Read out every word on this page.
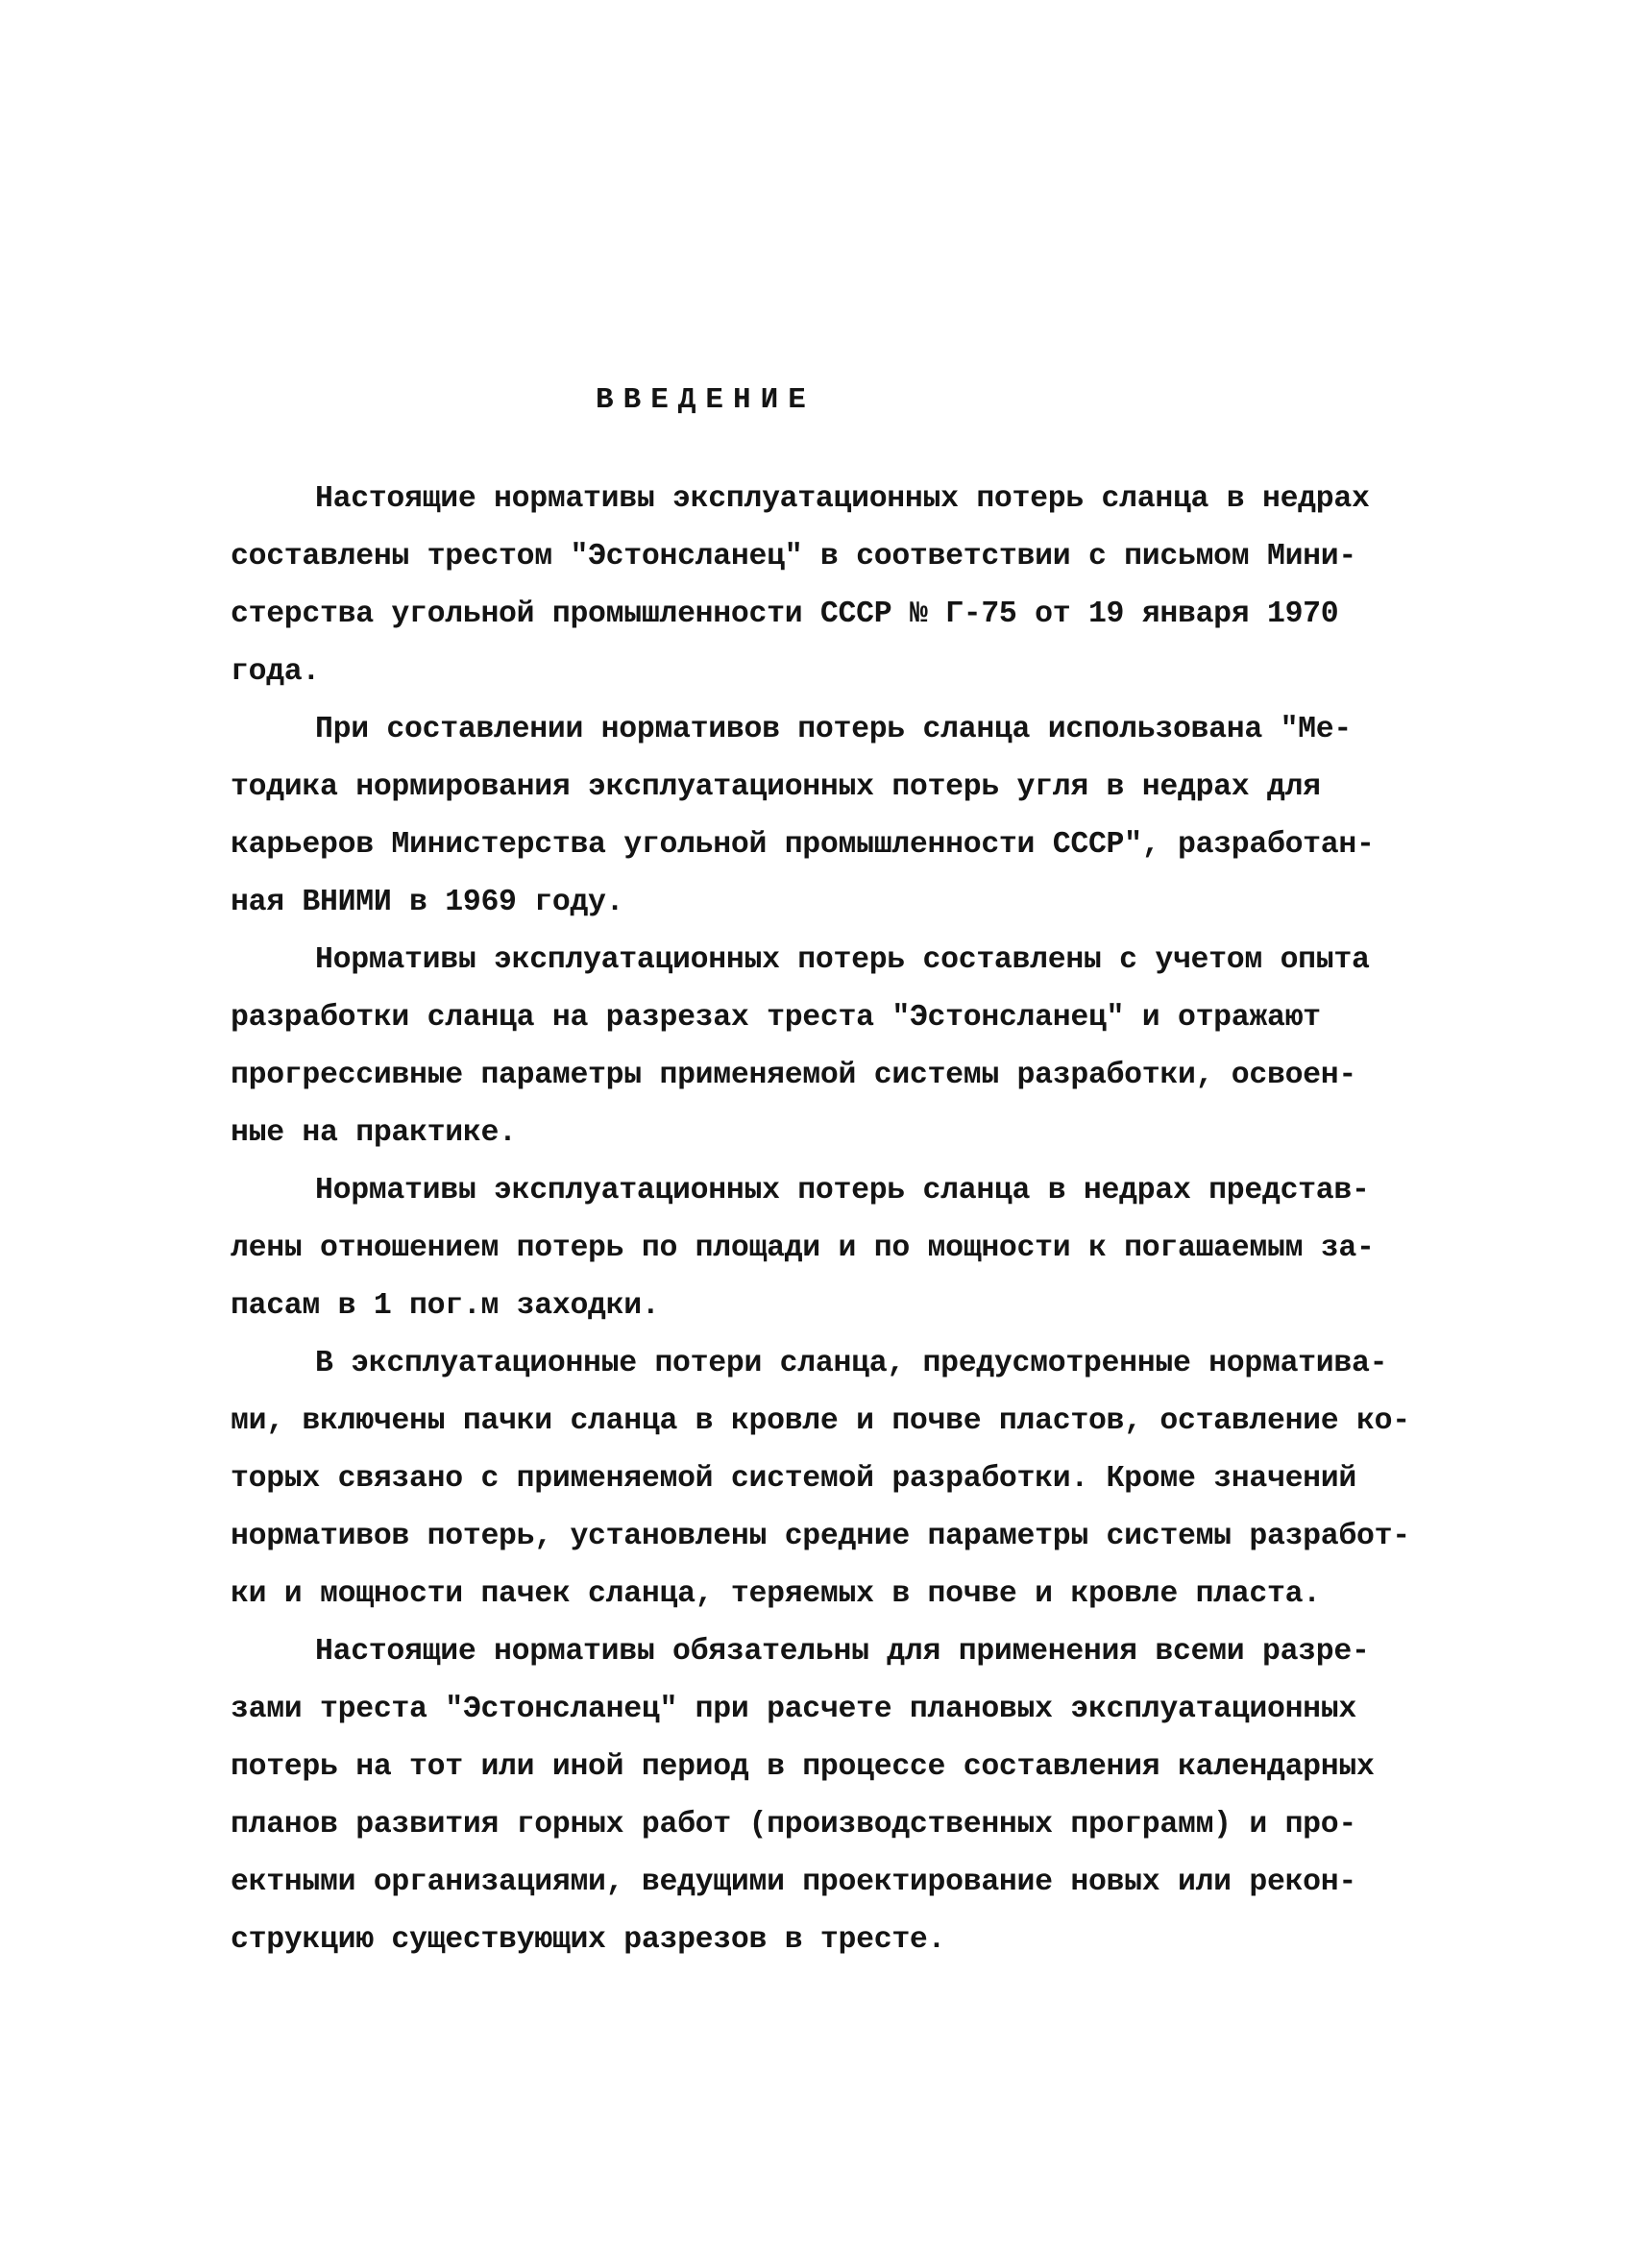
ВВЕДЕНИЕ
Настоящие нормативы эксплуатационных потерь сланца в недрах
составлены трестом "Эстонсланец" в соответствии с письмом Мини-
стерства угольной промышленности СССР № Г-75 от 19 января 1970
года.
При составлении нормативов потерь сланца использована "Ме-
тодика нормирования эксплуатационных потерь угля в недрах для
карьеров Министерства угольной промышленности СССР", разработан-
ная ВНИМИ в 1969 году.
Нормативы эксплуатационных потерь составлены с учетом опыта
разработки сланца на разрезах треста "Эстонсланец" и отражают
прогрессивные параметры применяемой системы разработки, освоен-
ные на практике.
Нормативы эксплуатационных потерь сланца в недрах представ-
лены отношением потерь по площади и по мощности к погашаемым за-
пасам в 1 пог.м заходки.
В эксплуатационные потери сланца, предусмотренные нормативa-
ми, включены пачки сланца в кровле и почве пластов, оставление ко-
торых связано с применяемой системой разработки. Кроме значений
нормативов потерь, установлены средние параметры системы разработ-
ки и мощности пачек сланца, теряемых в почве и кровле пласта.
Настоящие нормативы обязательны для применения всеми разре-
зами треста "Эстонсланец" при расчете плановых эксплуатационных
потерь на тот или иной период в процессе составления календарных
планов развития горных работ (производственных программ) и про-
ектными организациями, ведущими проектирование новых или рекон-
струкцию существующих разрезов в тресте.
